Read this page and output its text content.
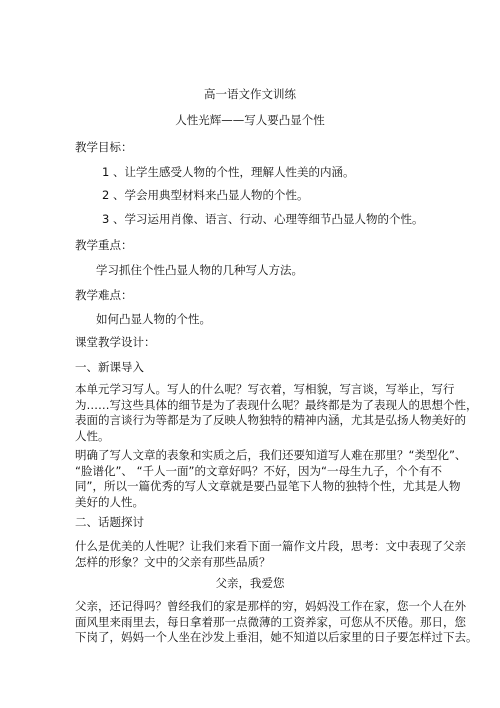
高一语文作文训练
人性光辉——写人要凸显个性
教学目标：
1 、让学生感受人物的个性，理解人性美的内涵。
2 、学会用典型材料来凸显人物的个性。
3 、学习运用肖像、语言、行动、心理等细节凸显人物的个性。
教学重点：
学习抓住个性凸显人物的几种写人方法。
教学难点：
如何凸显人物的个性。
课堂教学设计：
一、新课导入
本单元学习写人。写人的什么呢？写衣着，写相貌，写言谈，写举止，写行
为……写这些具体的细节是为了表现什么呢？最终都是为了表现人的思想个性，
表面的言谈行为等都是为了反映人物独特的精神内涵，尤其是弘扬人物美好的
人性。
明确了写人文章的表象和实质之后，我们还要知道写人难在那里？“类型化”、
“脸谱化”、 “千人一面”的文章好吗？不好，因为“一母生九子，个个有不
同”，所以一篇优秀的写人文章就是要凸显笔下人物的独特个性，尤其是人物
美好的人性。
二、话题探讨
什么是优美的人性呢？让我们来看下面一篇作文片段，思考：文中表现了父亲
怎样的形象？文中的父亲有那些品质？
父亲，我爱您
父亲，还记得吗？曾经我们的家是那样的穷，妈妈没工作在家，您一个人在外
面风里来雨里去，每日拿着那一点微薄的工资养家，可您从不厌倦。那日，您
下岗了，妈妈一个人坐在沙发上垂泪，她不知道以后家里的日子要怎样过下去。
